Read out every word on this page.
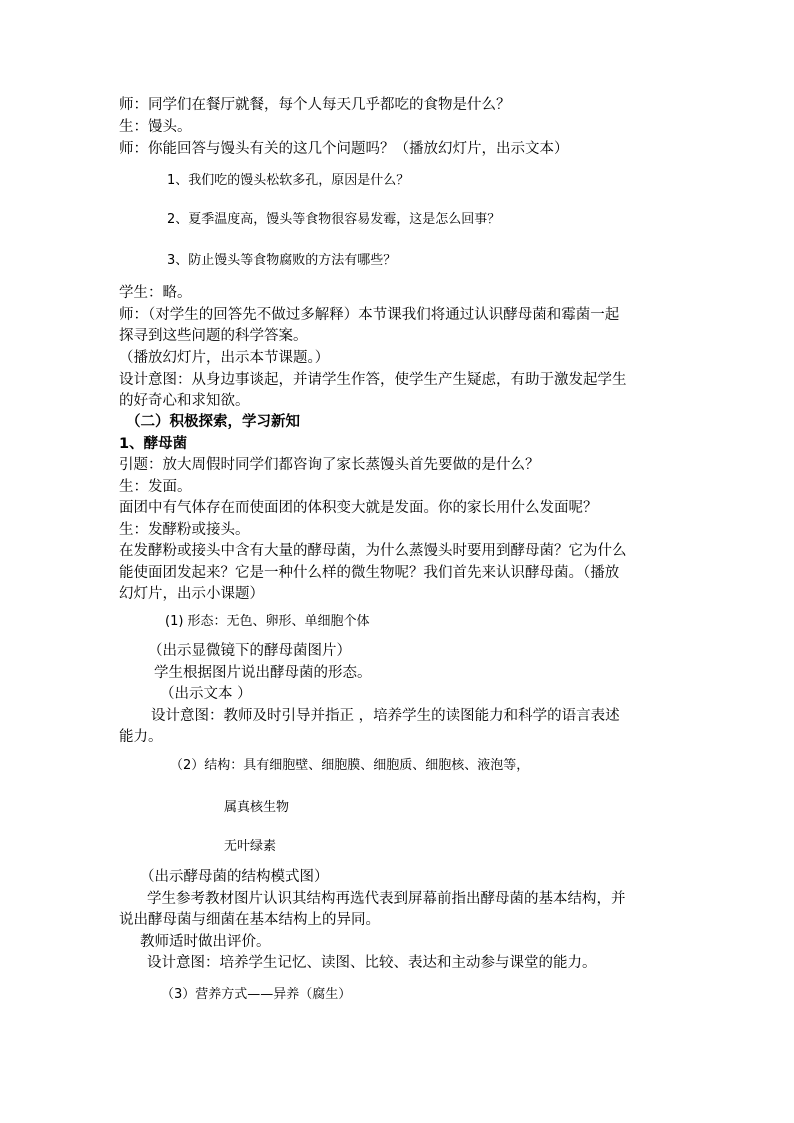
师：同学们在餐厅就餐，每个人每天几乎都吃的食物是什么？
生：馒头。
师：你能回答与馒头有关的这几个问题吗？（播放幻灯片，出示文本）
1、我们吃的馒头松软多孔，原因是什么？
2、夏季温度高，馒头等食物很容易发霉，这是怎么回事？
3、防止馒头等食物腐败的方法有哪些？
学生：略。
师：（对学生的回答先不做过多解释）本节课我们将通过认识酵母菌和霉菌一起
探寻到这些问题的科学答案。
（播放幻灯片，出示本节课题。）
设计意图：从身边事谈起，并请学生作答，使学生产生疑虑，有助于激发起学生
的好奇心和求知欲。
（二）积极探索，学习新知
1、酵母菌
引题：放大周假时同学们都咨询了家长蒸馒头首先要做的是什么？
生：发面。
面团中有气体存在而使面团的体积变大就是发面。你的家长用什么发面呢？
生：发酵粉或接头。
在发酵粉或接头中含有大量的酵母菌，为什么蒸馒头时要用到酵母菌？它为什么
能使面团发起来？它是一种什么样的微生物呢？我们首先来认识酵母菌。（播放
幻灯片，出示小课题）
(1) 形态：无色、卵形、单细胞个体
（出示显微镜下的酵母菌图片）
学生根据图片说出酵母菌的形态。
（出示文本 ）
设计意图：教师及时引导并指正 ，培养学生的读图能力和科学的语言表述
能力。
（2）结构：具有细胞壁、细胞膜、细胞质、细胞核、液泡等，
属真核生物
无叶绿素
（出示酵母菌的结构模式图）
学生参考教材图片认识其结构再选代表到屏幕前指出酵母菌的基本结构，并
说出酵母菌与细菌在基本结构上的异同。
教师适时做出评价。
设计意图：培养学生记忆、读图、比较、表达和主动参与课堂的能力。
（3）营养方式——异养（腐生）
